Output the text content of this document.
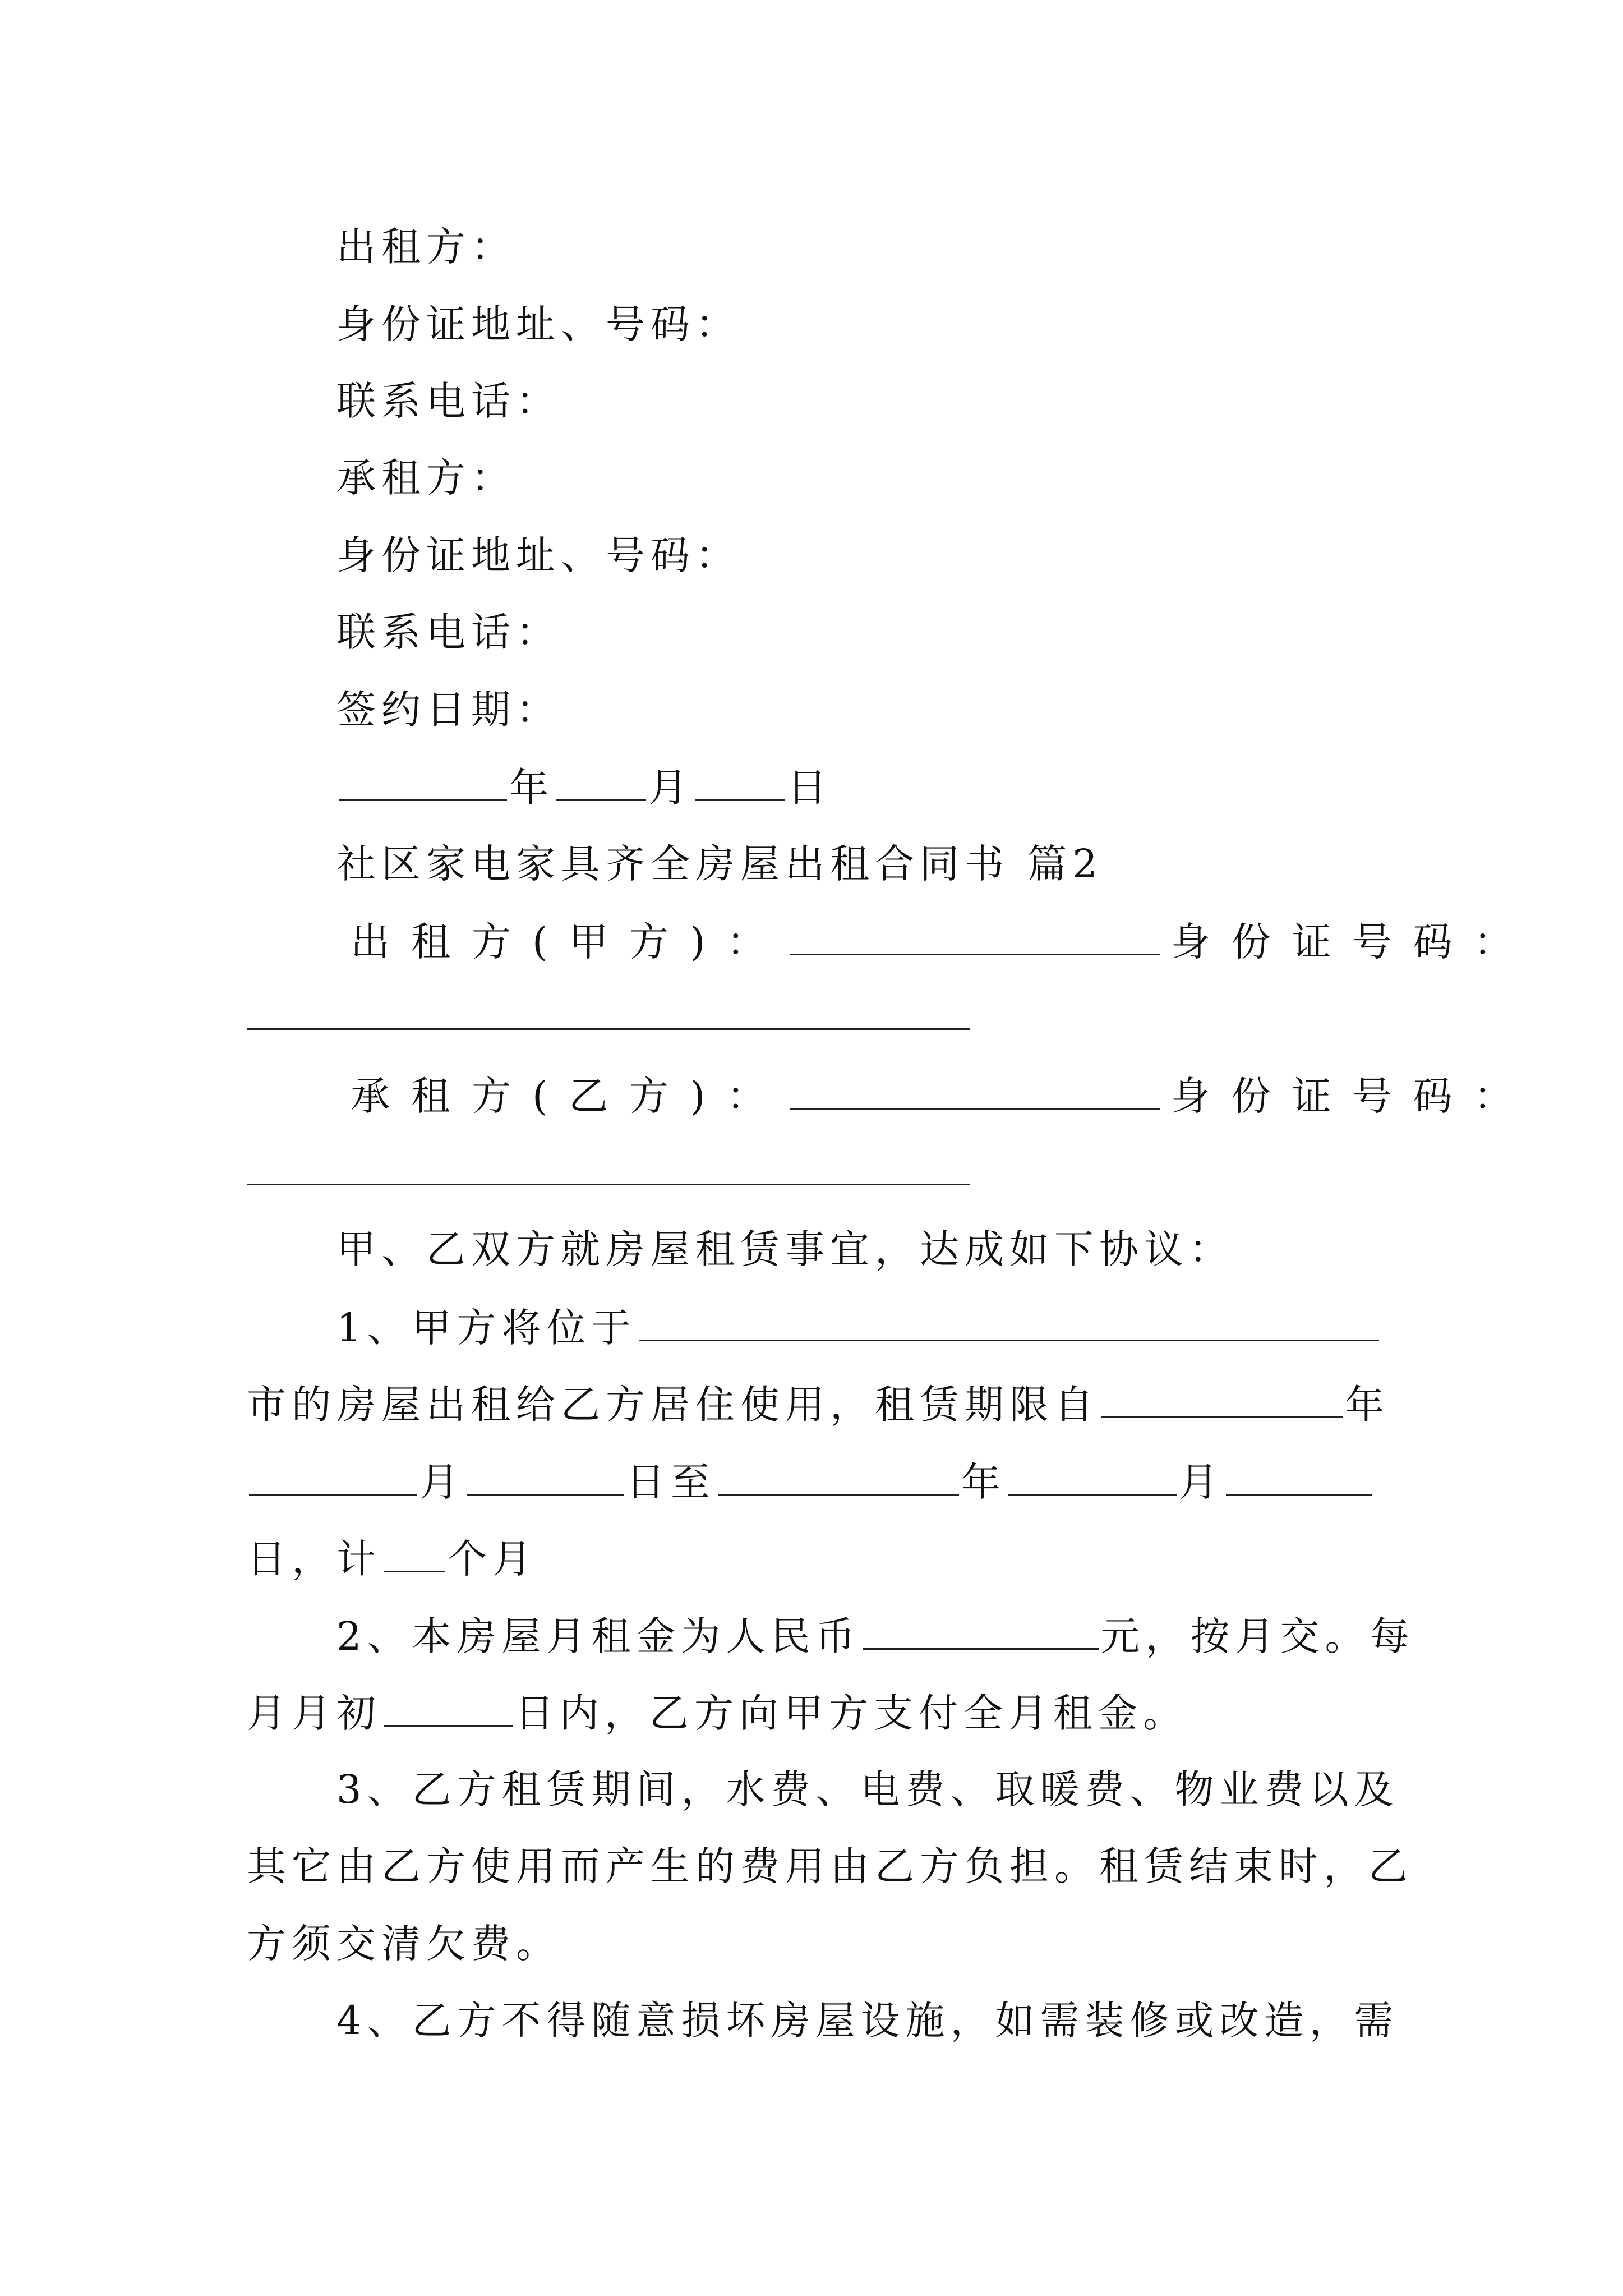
出租方：
身份证地址、号码：
联系电话：
承租方：
身份证地址、号码：
联系电话：
签约日期：
年 月 日
社区家电家具齐全房屋出租合同书 篇2
出租方(甲方)：	身份证号码：
承租方(乙方)：	身份证号码：
甲、乙双方就房屋租赁事宜，达成如下协议：
1、甲方将位于
市的房屋出租给乙方居住使用，租赁期限自	年
月	日至	年	月
日，计 个月
2、本房屋月租金为人民币	元，按月交。每
月月初	日内，乙方向甲方支付全月租金。
3、乙方租赁期间，水费、电费、取暖费、物业费以及
其它由乙方使用而产生的费用由乙方负担。租赁结束时，乙
方须交清欠费。
4、乙方不得随意损坏房屋设施，如需装修或改造，需
